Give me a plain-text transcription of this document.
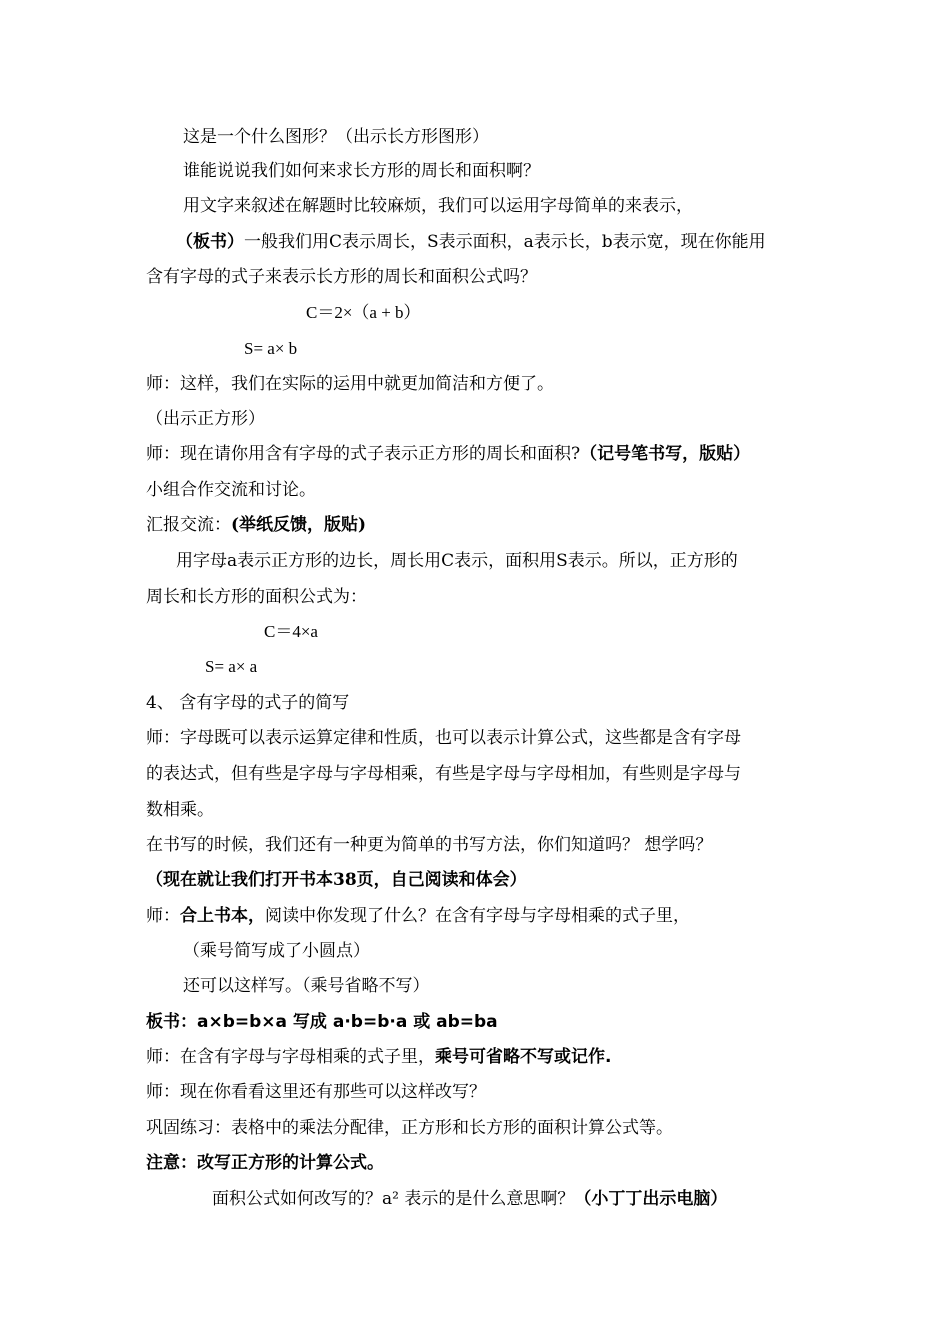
这是一个什么图形？（出示长方形图形）
谁能说说我们如何来求长方形的周长和面积啊？
用文字来叙述在解题时比较麻烦，我们可以运用字母简单的来表示，
（板书）一般我们用C表示周长，S表示面积，a表示长，b表示宽，现在你能用
含有字母的式子来表示长方形的周长和面积公式吗？
C＝2×（a + b）
S= a× b
师：这样，我们在实际的运用中就更加简洁和方便了。
（出示正方形）
师：现在请你用含有字母的式子表示正方形的周长和面积?（记号笔书写，版贴）
小组合作交流和讨论。
汇报交流：(举纸反馈，版贴)
用字母a表示正方形的边长，周长用C表示，面积用S表示。所以，正方形的
周长和长方形的面积公式为：
C＝4×a
S= a× a
4、 含有字母的式子的简写
师：字母既可以表示运算定律和性质，也可以表示计算公式，这些都是含有字母
的表达式，但有些是字母与字母相乘，有些是字母与字母相加，有些则是字母与
数相乘。
在书写的时候，我们还有一种更为简单的书写方法，你们知道吗？ 想学吗？
（现在就让我们打开书本38页，自己阅读和体会）
师：合上书本，阅读中你发现了什么？在含有字母与字母相乘的式子里，
（乘号简写成了小圆点）
还可以这样写。（乘号省略不写）
板书：a×b=b×a 写成 a·b=b·a 或 ab=ba
师：在含有字母与字母相乘的式子里，乘号可省略不写或记作.
师：现在你看看这里还有那些可以这样改写？
巩固练习：表格中的乘法分配律，正方形和长方形的面积计算公式等。
注意：改写正方形的计算公式。
面积公式如何改写的？a² 表示的是什么意思啊？（小丁丁出示电脑）
